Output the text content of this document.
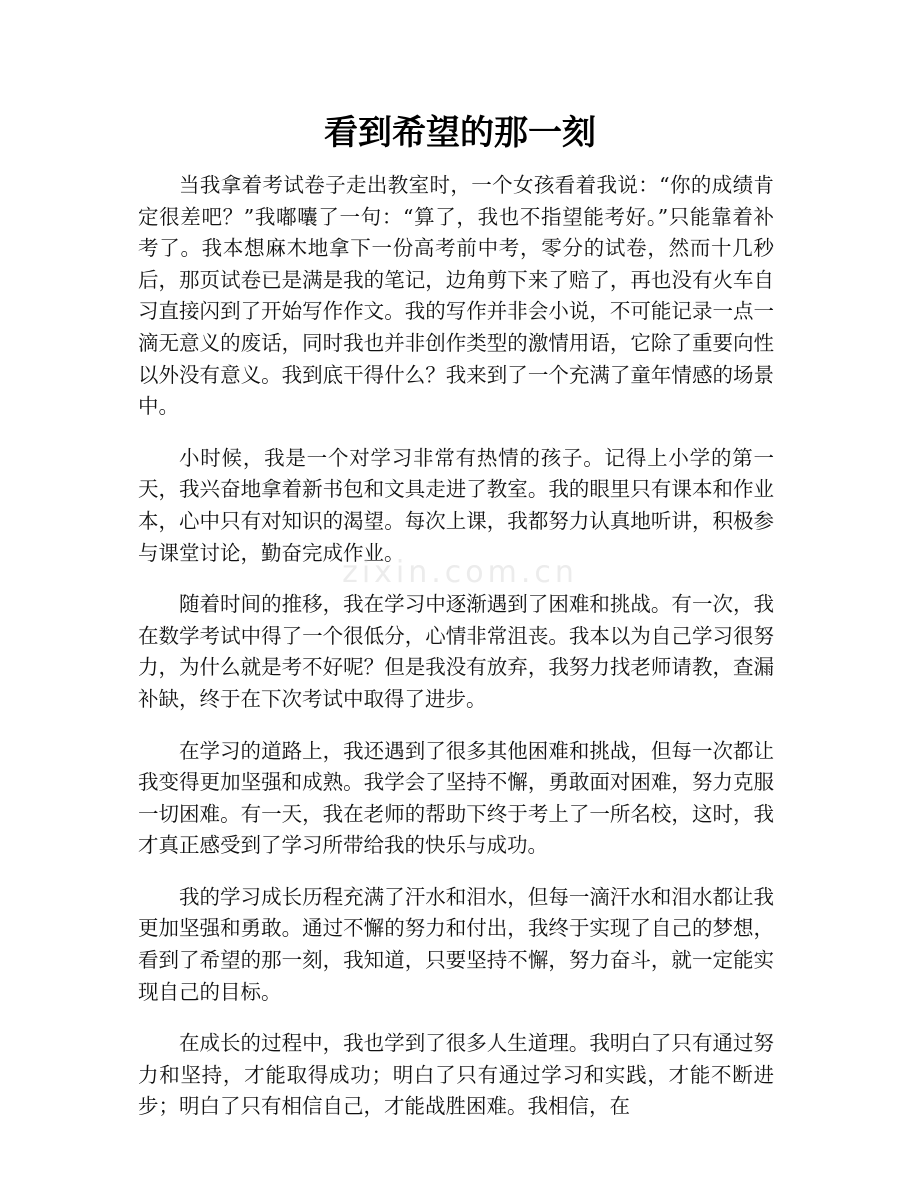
看到希望的那一刻

当我拿着考试卷子走出教室时，一个女孩看着我说：“你的成绩肯定很差吧？”我嘟囔了一句：“算了，我也不指望能考好。”只能靠着补考了。我本想麻木地拿下一份高考前中考，零分的试卷，然而十几秒后，那页试卷已是满是我的笔记，边角剪下来了赔了，再也没有火车自习直接闪到了开始写作作文。我的写作并非会小说，不可能记录一点一滴无意义的废话，同时我也并非创作类型的激情用语，它除了重要向性以外没有意义。我到底干得什么？我来到了一个充满了童年情感的场景中。

小时候，我是一个对学习非常有热情的孩子。记得上小学的第一天，我兴奋地拿着新书包和文具走进了教室。我的眼里只有课本和作业本，心中只有对知识的渴望。每次上课，我都努力认真地听讲，积极参与课堂讨论，勤奋完成作业。

随着时间的推移，我在学习中逐渐遇到了困难和挑战。有一次，我在数学考试中得了一个很低分，心情非常沮丧。我本以为自己学习很努力，为什么就是考不好呢？但是我没有放弃，我努力找老师请教，查漏补缺，终于在下次考试中取得了进步。

在学习的道路上，我还遇到了很多其他困难和挑战，但每一次都让我变得更加坚强和成熟。我学会了坚持不懈，勇敢面对困难，努力克服一切困难。有一天，我在老师的帮助下终于考上了一所名校，这时，我才真正感受到了学习所带给我的快乐与成功。

我的学习成长历程充满了汗水和泪水，但每一滴汗水和泪水都让我更加坚强和勇敢。通过不懈的努力和付出，我终于实现了自己的梦想，看到了希望的那一刻，我知道，只要坚持不懈，努力奋斗，就一定能实现自己的目标。

在成长的过程中，我也学到了很多人生道理。我明白了只有通过努力和坚持，才能取得成功；明白了只有通过学习和实践，才能不断进步；明白了只有相信自己，才能战胜困难。我相信，在

zixin.com.cn
